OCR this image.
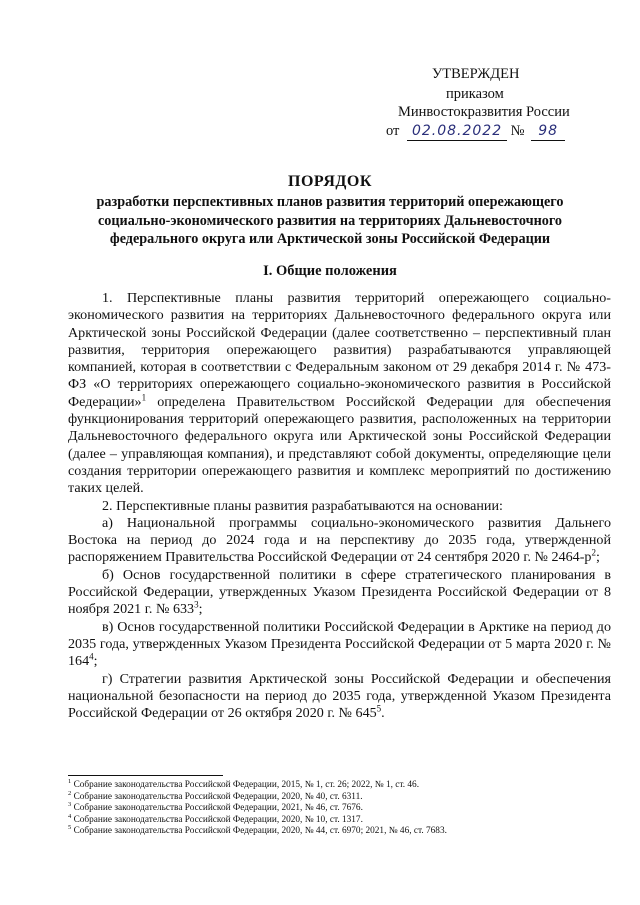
УТВЕРЖДЕН
приказом
Минвостокразвития России
от 02.08.2022 № 98
ПОРЯДОК
разработки перспективных планов развития территорий опережающего социально-экономического развития на территориях Дальневосточного федерального округа или Арктической зоны Российской Федерации
I. Общие положения

1. Перспективные планы развития территорий опережающего социально-экономического развития на территориях Дальневосточного федерального округа или Арктической зоны Российской Федерации (далее соответственно – перспективный план развития, территория опережающего развития) разрабатываются управляющей компанией, которая в соответствии с Федеральным законом от 29 декабря 2014 г. № 473-ФЗ «О территориях опережающего социально-экономического развития в Российской Федерации»$^1$ определена Правительством Российской Федерации для обеспечения функционирования территорий опережающего развития, расположенных на территории Дальневосточного федерального округа или Арктической зоны Российской Федерации (далее – управляющая компания), и представляют собой документы, определяющие цели создания территории опережающего развития и комплекс мероприятий по достижению таких целей.

2. Перспективные планы развития разрабатываются на основании:

а) Национальной программы социально-экономического развития Дальнего Востока на период до 2024 года и на перспективу до 2035 года, утвержденной распоряжением Правительства Российской Федерации от 24 сентября 2020 г. № $2464-р^2$;

б) Основ государственной политики в сфере стратегического планирования в Российской Федерации, утвержденных Указом Президента Российской Федерации от 8 ноября 2021 г. № $633^3$;

в) Основ государственной политики Российской Федерации в Арктике на период до 2035 года, утвержденных Указом Президента Российской Федерации от 5 марта 2020 г. № $164^4$;

г) Стратегии развития Арктической зоны Российской Федерации и обеспечения национальной безопасности на период до 2035 года, утвержденной Указом Президента Российской Федерации от 26 октября 2020 г. № $645^5$.

$^1$ Собрание законодательства Российской Федерации, 2015, № 1, ст. 26; 2022, № 1, ст. 46.
$^2$ Собрание законодательства Российской Федерации, 2020, № 40, ст. 6311.
$^3$ Собрание законодательства Российской Федерации, 2021, № 46, ст. 7676.
$^4$ Собрание законодательства Российской Федерации, 2020, № 10, ст. 1317.
$^5$ Собрание законодательства Российской Федерации, 2020, № 44, ст. 6970; 2021, № 46, ст. 7683.
